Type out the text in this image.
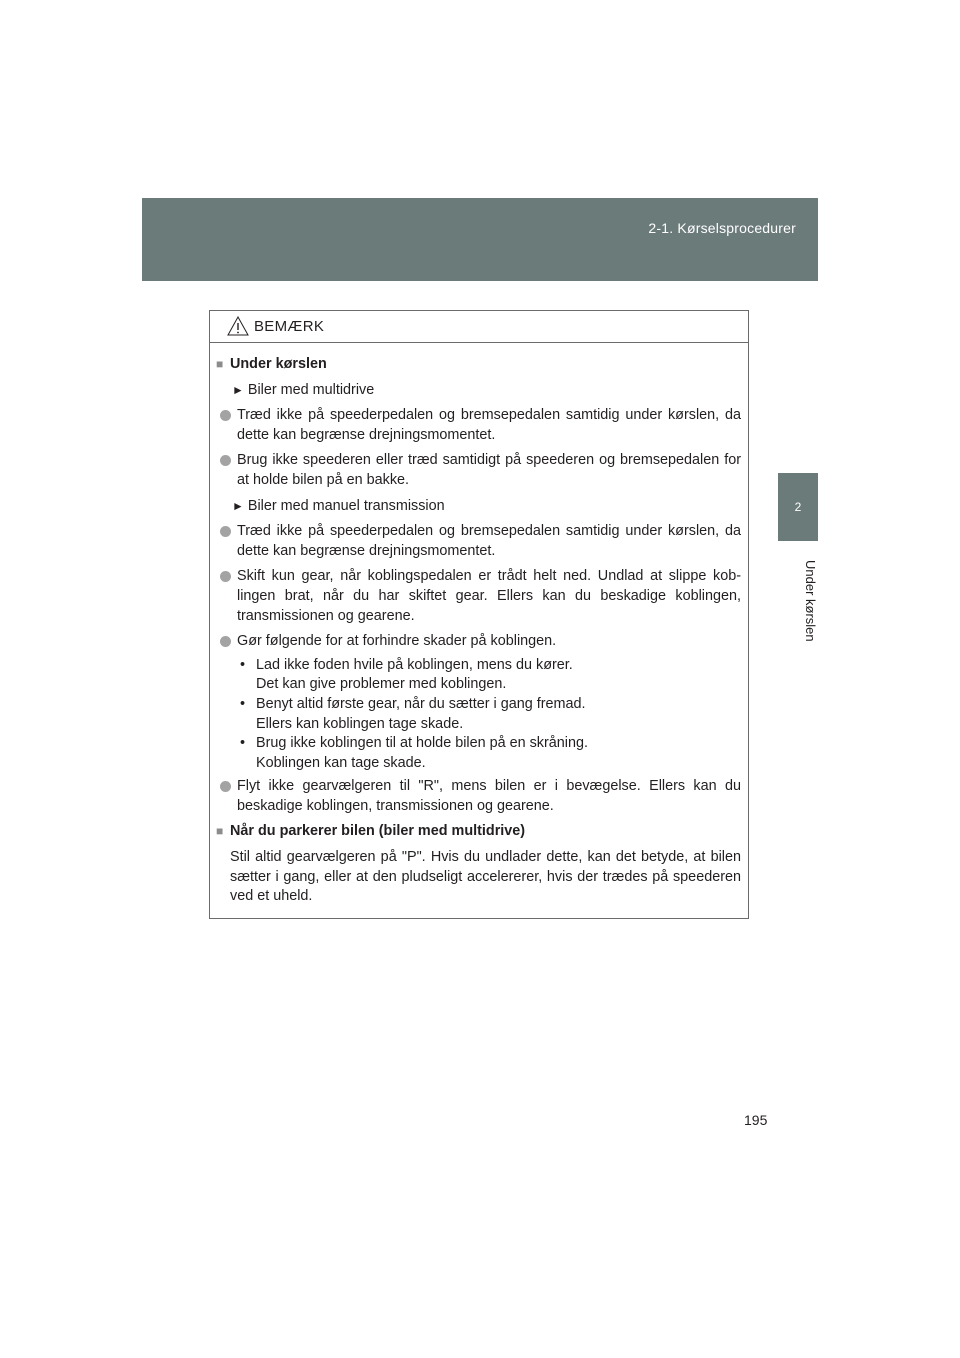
2-1. Kørselsprocedurer
2
Under kørslen
BEMÆRK
■ Under kørslen
► Biler med multidrive
Træd ikke på speederpedalen og bremsepedalen samtidig under kørslen, da dette kan begrænse drejningsmomentet.
Brug ikke speederen eller træd samtidigt på speederen og bremsepedalen for at holde bilen på en bakke.
► Biler med manuel transmission
Træd ikke på speederpedalen og bremsepedalen samtidig under kørslen, da dette kan begrænse drejningsmomentet.
Skift kun gear, når koblingspedalen er trådt helt ned. Undlad at slippe kob-lingen brat, når du har skiftet gear. Ellers kan du beskadige koblingen, transmissionen og gearene.
Gør følgende for at forhindre skader på koblingen.
• Lad ikke foden hvile på koblingen, mens du kører.
Det kan give problemer med koblingen.
• Benyt altid første gear, når du sætter i gang fremad.
Ellers kan koblingen tage skade.
• Brug ikke koblingen til at holde bilen på en skråning.
Koblingen kan tage skade.
Flyt ikke gearvælgeren til "R", mens bilen er i bevægelse. Ellers kan du beskadige koblingen, transmissionen og gearene.
■ Når du parkerer bilen (biler med multidrive)
Stil altid gearvælgeren på "P". Hvis du undlader dette, kan det betyde, at bilen sætter i gang, eller at den pludseligt accelererer, hvis der trædes på speederen ved et uheld.
195
